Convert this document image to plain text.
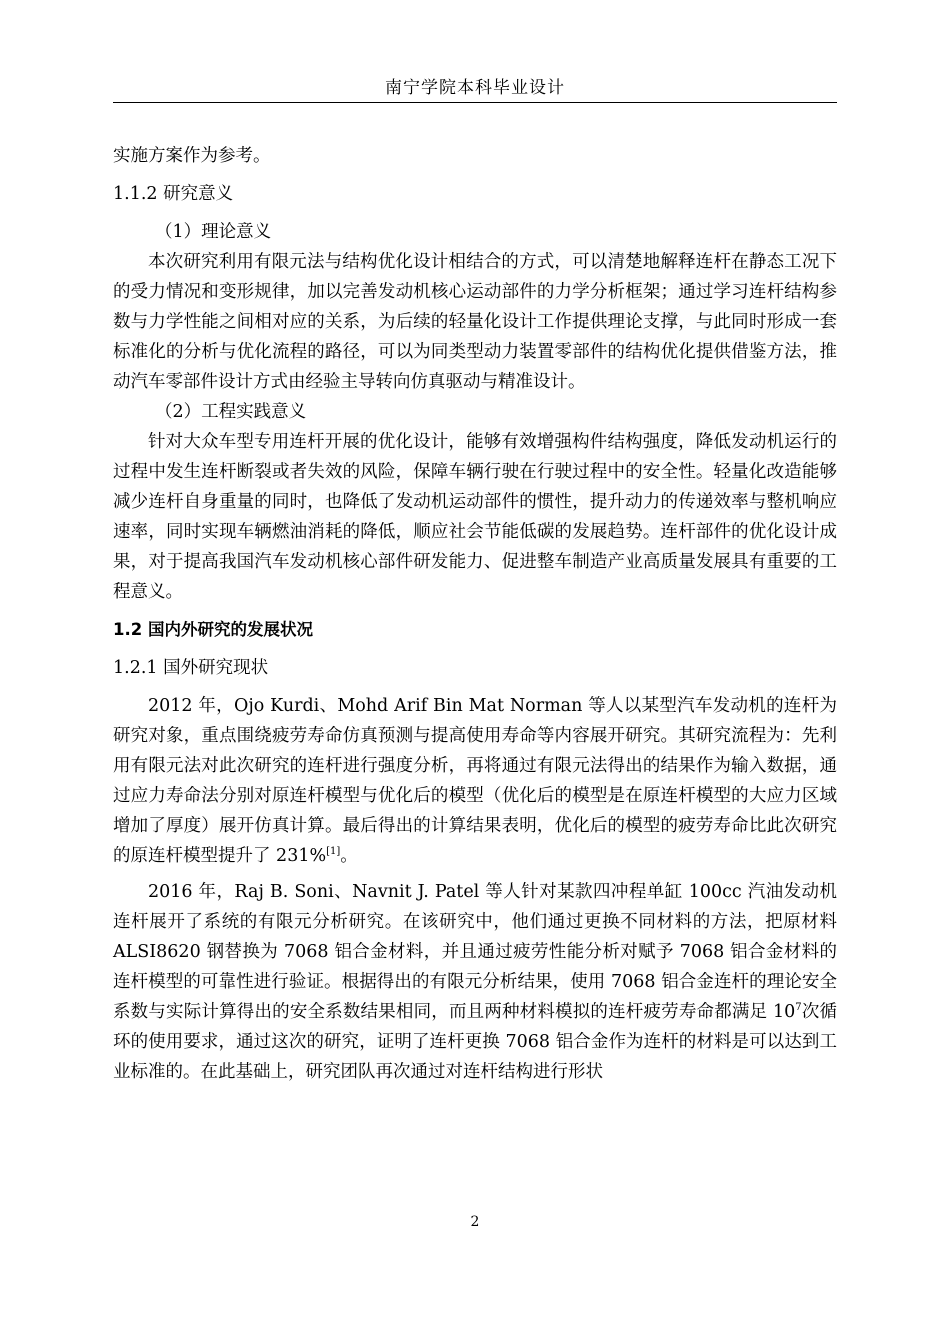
南宁学院本科毕业设计

实施方案作为参考。

1.1.2 研究意义

（1）理论意义

本次研究利用有限元法与结构优化设计相结合的方式，可以清楚地解释连杆在静态工况下的受力情况和变形规律，加以完善发动机核心运动部件的力学分析框架；通过学习连杆结构参数与力学性能之间相对应的关系，为后续的轻量化设计工作提供理论支撑，与此同时形成一套标准化的分析与优化流程的路径，可以为同类型动力装置零部件的结构优化提供借鉴方法，推动汽车零部件设计方式由经验主导转向仿真驱动与精准设计。

（2）工程实践意义

针对大众车型专用连杆开展的优化设计，能够有效增强构件结构强度，降低发动机运行的过程中发生连杆断裂或者失效的风险，保障车辆行驶在行驶过程中的安全性。轻量化改造能够减少连杆自身重量的同时，也降低了发动机运动部件的惯性，提升动力的传递效率与整机响应速率，同时实现车辆燃油消耗的降低，顺应社会节能低碳的发展趋势。连杆部件的优化设计成果，对于提高我国汽车发动机核心部件研发能力、促进整车制造产业高质量发展具有重要的工程意义。

1.2 国内外研究的发展状况

1.2.1 国外研究现状

2012 年，Ojo Kurdi、Mohd Arif Bin Mat Norman 等人以某型汽车发动机的连杆为研究对象，重点围绕疲劳寿命仿真预测与提高使用寿命等内容展开研究。其研究流程为：先利用有限元法对此次研究的连杆进行强度分析，再将通过有限元法得出的结果作为输入数据，通过应力寿命法分别对原连杆模型与优化后的模型（优化后的模型是在原连杆模型的大应力区域增加了厚度）展开仿真计算。最后得出的计算结果表明，优化后的模型的疲劳寿命比此次研究的原连杆模型提升了 231%[1]。

2016 年，Raj B. Soni、Navnit J. Patel 等人针对某款四冲程单缸 100cc 汽油发动机连杆展开了系统的有限元分析研究。在该研究中，他们通过更换不同材料的方法，把原材料 ALSI8620 钢替换为 7068 铝合金材料，并且通过疲劳性能分析对赋予 7068 铝合金材料的连杆模型的可靠性进行验证。根据得出的有限元分析结果，使用 7068 铝合金连杆的理论安全系数与实际计算得出的安全系数结果相同，而且两种材料模拟的连杆疲劳寿命都满足 $10^7$次循环的使用要求，通过这次的研究，证明了连杆更换 7068 铝合金作为连杆的材料是可以达到工业标准的。在此基础上，研究团队再次通过对连杆结构进行形状

2
